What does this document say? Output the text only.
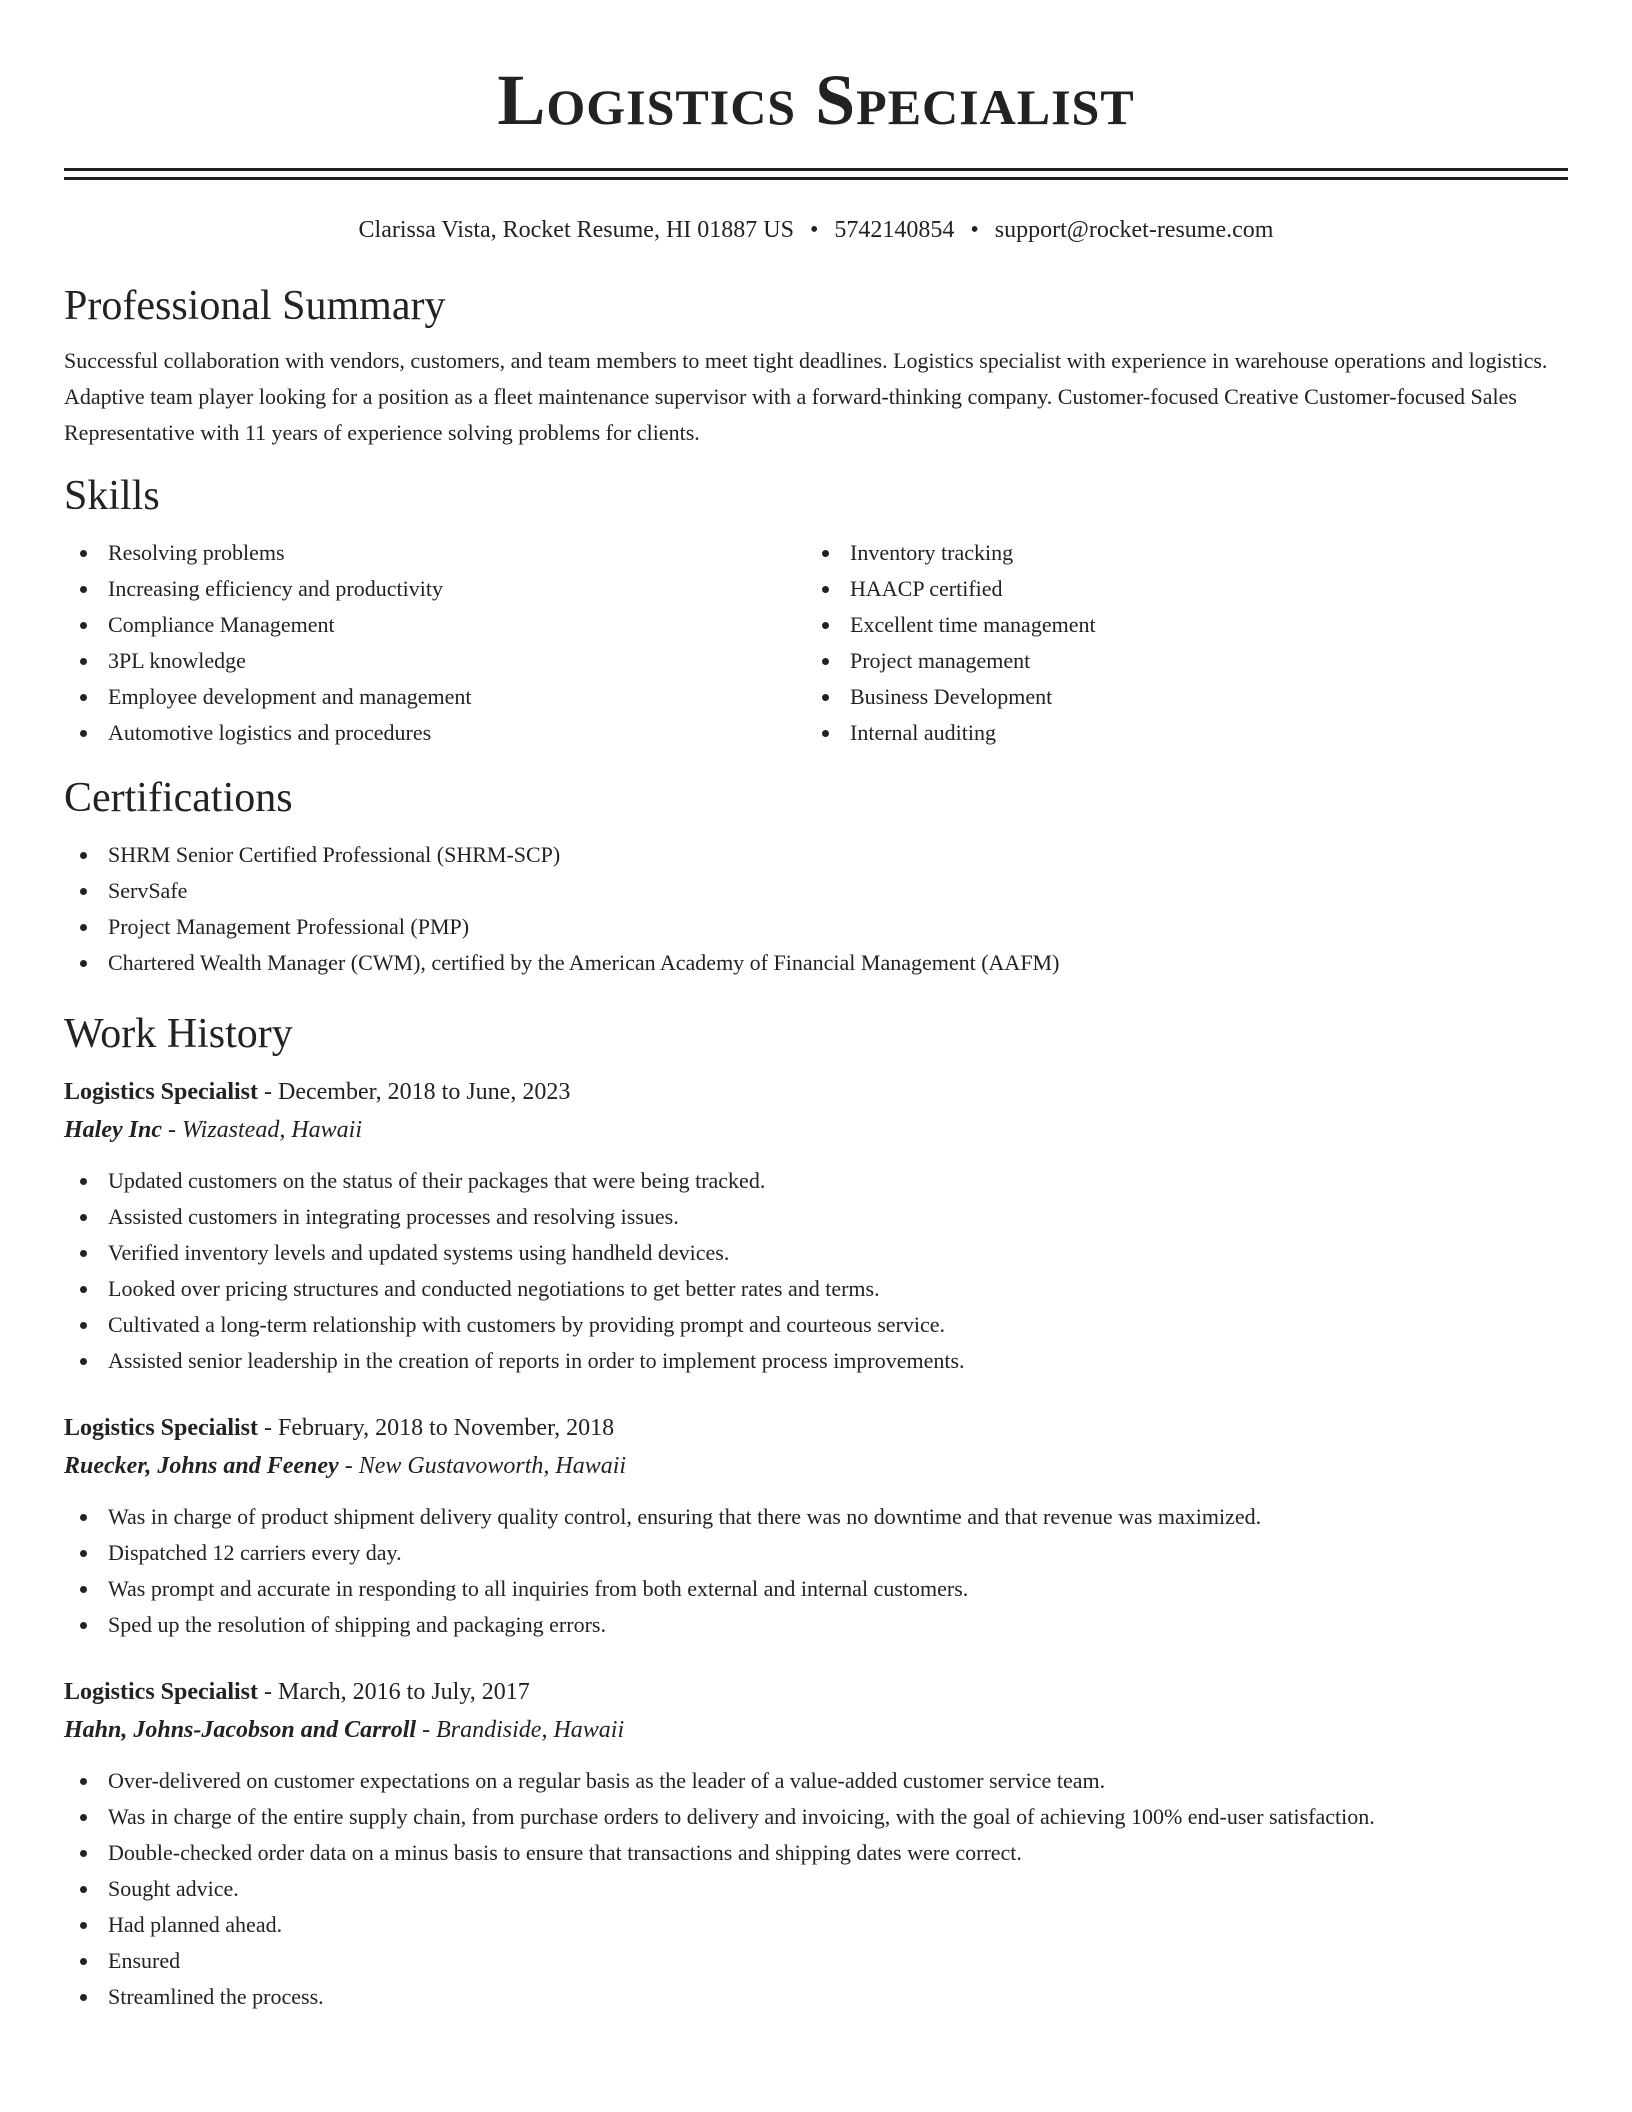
Logistics Specialist
Clarissa Vista, Rocket Resume, HI 01887 US • 5742140854 • support@rocket-resume.com
Professional Summary

Successful collaboration with vendors, customers, and team members to meet tight deadlines. Logistics specialist with experience in warehouse operations and logistics. Adaptive team player looking for a position as a fleet maintenance supervisor with a forward-thinking company. Customer-focused Creative Customer-focused Sales Representative with 11 years of experience solving problems for clients.

Skills
Resolving problems
Increasing efficiency and productivity
Compliance Management
3PL knowledge
Employee development and management
Automotive logistics and procedures
Inventory tracking
HAACP certified
Excellent time management
Project management
Business Development
Internal auditing
Certifications
SHRM Senior Certified Professional (SHRM-SCP)
ServSafe
Project Management Professional (PMP)
Chartered Wealth Manager (CWM), certified by the American Academy of Financial Management (AAFM)
Work History

Logistics Specialist - December, 2018 to June, 2023

Haley Inc - Wizastead, Hawaii

Updated customers on the status of their packages that were being tracked.
Assisted customers in integrating processes and resolving issues.
Verified inventory levels and updated systems using handheld devices.
Looked over pricing structures and conducted negotiations to get better rates and terms.
Cultivated a long-term relationship with customers by providing prompt and courteous service.
Assisted senior leadership in the creation of reports in order to implement process improvements.

Logistics Specialist - February, 2018 to November, 2018

Ruecker, Johns and Feeney - New Gustavoworth, Hawaii

Was in charge of product shipment delivery quality control, ensuring that there was no downtime and that revenue was maximized.
Dispatched 12 carriers every day.
Was prompt and accurate in responding to all inquiries from both external and internal customers.
Sped up the resolution of shipping and packaging errors.

Logistics Specialist - March, 2016 to July, 2017

Hahn, Johns-Jacobson and Carroll - Brandiside, Hawaii

Over-delivered on customer expectations on a regular basis as the leader of a value-added customer service team.
Was in charge of the entire supply chain, from purchase orders to delivery and invoicing, with the goal of achieving 100% end-user satisfaction.
Double-checked order data on a minus basis to ensure that transactions and shipping dates were correct.
Sought advice.
Had planned ahead.
Ensured
Streamlined the process.
